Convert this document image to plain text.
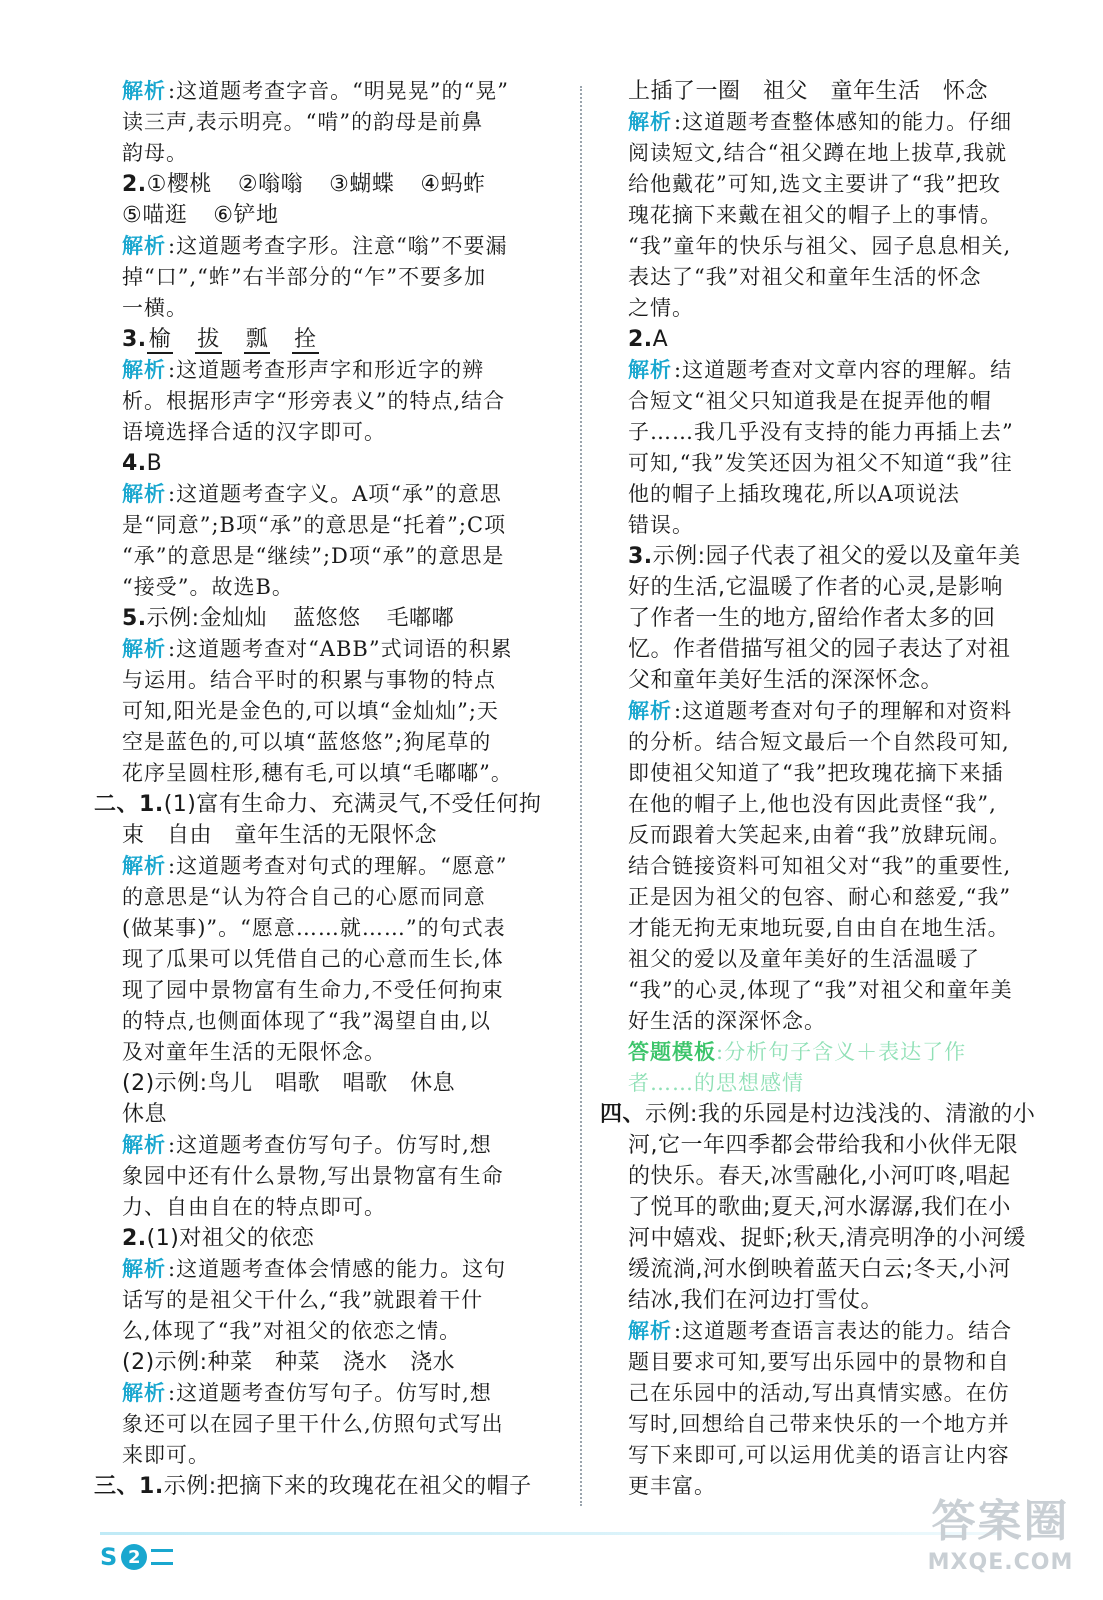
解析:这道题考查字音。“明晃晃”的“晃”
读三声,表示明亮。“啃”的韵母是前鼻
韵母。
2.①樱桃 ②嗡嗡 ③蝴蝶 ④蚂蚱
⑤喵逛 ⑥铲地
解析:这道题考查字形。注意“嗡”不要漏
掉“口”,“蚱”右半部分的“乍”不要多加
一横。
3.榆 拔 瓢 拴
解析:这道题考查形声字和形近字的辨
析。根据形声字“形旁表义”的特点,结合
语境选择合适的汉字即可。
4.B
解析:这道题考查字义。A项“承”的意思
是“同意”;B项“承”的意思是“托着”;C项
“承”的意思是“继续”;D项“承”的意思是
“接受”。故选B。
5.示例:金灿灿 蓝悠悠 毛嘟嘟
解析:这道题考查对“ABB”式词语的积累
与运用。结合平时的积累与事物的特点
可知,阳光是金色的,可以填“金灿灿”;天
空是蓝色的,可以填“蓝悠悠”;狗尾草的
花序呈圆柱形,穗有毛,可以填“毛嘟嘟”。
二、1.(1)富有生命力、充满灵气,不受任何拘
束　自由　童年生活的无限怀念
解析:这道题考查对句式的理解。“愿意”
的意思是“认为符合自己的心愿而同意
(做某事)”。“愿意……就……”的句式表
现了瓜果可以凭借自己的心意而生长,体
现了园中景物富有生命力,不受任何拘束
的特点,也侧面体现了“我”渴望自由,以
及对童年生活的无限怀念。
(2)示例:鸟儿　唱歌　唱歌　休息
休息
解析:这道题考查仿写句子。仿写时,想
象园中还有什么景物,写出景物富有生命
力、自由自在的特点即可。
2.(1)对祖父的依恋
解析:这道题考查体会情感的能力。这句
话写的是祖父干什么,“我”就跟着干什
么,体现了“我”对祖父的依恋之情。
(2)示例:种菜　种菜　浇水　浇水
解析:这道题考查仿写句子。仿写时,想
象还可以在园子里干什么,仿照句式写出
来即可。
三、1.示例:把摘下来的玫瑰花在祖父的帽子
上插了一圈　祖父　童年生活　怀念
解析:这道题考查整体感知的能力。仔细
阅读短文,结合“祖父蹲在地上拔草,我就
给他戴花”可知,选文主要讲了“我”把玫
瑰花摘下来戴在祖父的帽子上的事情。
“我”童年的快乐与祖父、园子息息相关,
表达了“我”对祖父和童年生活的怀念
之情。
2.A
解析:这道题考查对文章内容的理解。结
合短文“祖父只知道我是在捉弄他的帽
子……我几乎没有支持的能力再插上去”
可知,“我”发笑还因为祖父不知道“我”往
他的帽子上插玫瑰花,所以A项说法
错误。
3.示例:园子代表了祖父的爱以及童年美
好的生活,它温暖了作者的心灵,是影响
了作者一生的地方,留给作者太多的回
忆。作者借描写祖父的园子表达了对祖
父和童年美好生活的深深怀念。
解析:这道题考查对句子的理解和对资料
的分析。结合短文最后一个自然段可知,
即使祖父知道了“我”把玫瑰花摘下来插
在他的帽子上,他也没有因此责怪“我”,
反而跟着大笑起来,由着“我”放肆玩闹。
结合链接资料可知祖父对“我”的重要性,
正是因为祖父的包容、耐心和慈爱,“我”
才能无拘无束地玩耍,自由自在地生活。
祖父的爱以及童年美好的生活温暖了
“我”的心灵,体现了“我”对祖父和童年美
好生活的深深怀念。
答题模板:分析句子含义＋表达了作
者……的思想感情
四、示例:我的乐园是村边浅浅的、清澈的小
河,它一年四季都会带给我和小伙伴无限
的快乐。春天,冰雪融化,小河叮咚,唱起
了悦耳的歌曲;夏天,河水潺潺,我们在小
河中嬉戏、捉虾;秋天,清亮明净的小河缓
缓流淌,河水倒映着蓝天白云;冬天,小河
结冰,我们在河边打雪仗。
解析:这道题考查语言表达的能力。结合
题目要求可知,要写出乐园中的景物和自
己在乐园中的活动,写出真情实感。在仿
写时,回想给自己带来快乐的一个地方并
写下来即可,可以运用优美的语言让内容
更丰富。
S 2
答案圈
MXQE.COM
